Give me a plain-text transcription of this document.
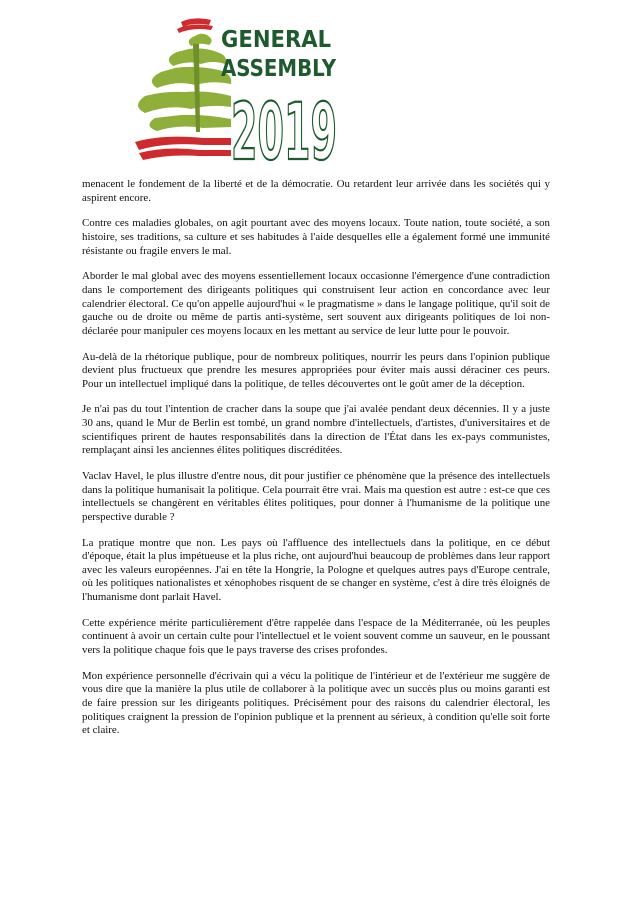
GENERAL
ASSEMBLY
2019

menacent le fondement de la liberté et de la démocratie. Ou retardent leur arrivée dans les sociétés qui y aspirent encore.

Contre ces maladies globales, on agit pourtant avec des moyens locaux. Toute nation, toute société, a son histoire, ses traditions, sa culture et ses habitudes à l'aide desquelles elle a également formé une immunité résistante ou fragile envers le mal.

Aborder le mal global avec des moyens essentiellement locaux occasionne l'émergence d'une contradiction dans le comportement des dirigeants politiques qui construisent leur action en concordance avec leur calendrier électoral. Ce qu'on appelle aujourd'hui « le pragmatisme » dans le langage politique, qu'il soit de gauche ou de droite ou même de partis anti-système, sert souvent aux dirigeants politiques de loi non-déclarée pour manipuler ces moyens locaux en les mettant au service de leur lutte pour le pouvoir.

Au-delà de la rhétorique publique, pour de nombreux politiques, nourrir les peurs dans l'opinion publique devient plus fructueux que prendre les mesures appropriées pour éviter mais aussi déraciner ces peurs. Pour un intellectuel impliqué dans la politique, de telles découvertes ont le goût amer de la déception.

Je n'ai pas du tout l'intention de cracher dans la soupe que j'ai avalée pendant deux décennies. Il y a juste 30 ans, quand le Mur de Berlin est tombé, un grand nombre d'intellectuels, d'artistes, d'universitaires et de scientifiques prirent de hautes responsabilités dans la direction de l'État dans les ex-pays communistes, remplaçant ainsi les anciennes élites politiques discréditées.

Vaclav Havel, le plus illustre d'entre nous, dit pour justifier ce phénomène que la présence des intellectuels dans la politique humanisait la politique. Cela pourrait être vrai. Mais ma question est autre : est-ce que ces intellectuels se changèrent en véritables élites politiques, pour donner à l'humanisme de la politique une perspective durable ?

La pratique montre que non. Les pays où l'affluence des intellectuels dans la politique, en ce début d'époque, était la plus impétueuse et la plus riche, ont aujourd'hui beaucoup de problèmes dans leur rapport avec les valeurs européennes. J'ai en tête la Hongrie, la Pologne et quelques autres pays d'Europe centrale, où les politiques nationalistes et xénophobes risquent de se changer en système, c'est à dire très éloignés de l'humanisme dont parlait Havel.

Cette expérience mérite particulièrement d'être rappelée dans l'espace de la Méditerranée, où les peuples continuent à avoir un certain culte pour l'intellectuel et le voient souvent comme un sauveur, en le poussant vers la politique chaque fois que le pays traverse des crises profondes.

Mon expérience personnelle d'écrivain qui a vécu la politique de l'intérieur et de l'extérieur me suggère de vous dire que la manière la plus utile de collaborer à la politique avec un succès plus ou moins garanti est de faire pression sur les dirigeants politiques. Précisément pour des raisons du calendrier électoral, les politiques craignent la pression de l'opinion publique et la prennent au sérieux, à condition qu'elle soit forte et claire.
